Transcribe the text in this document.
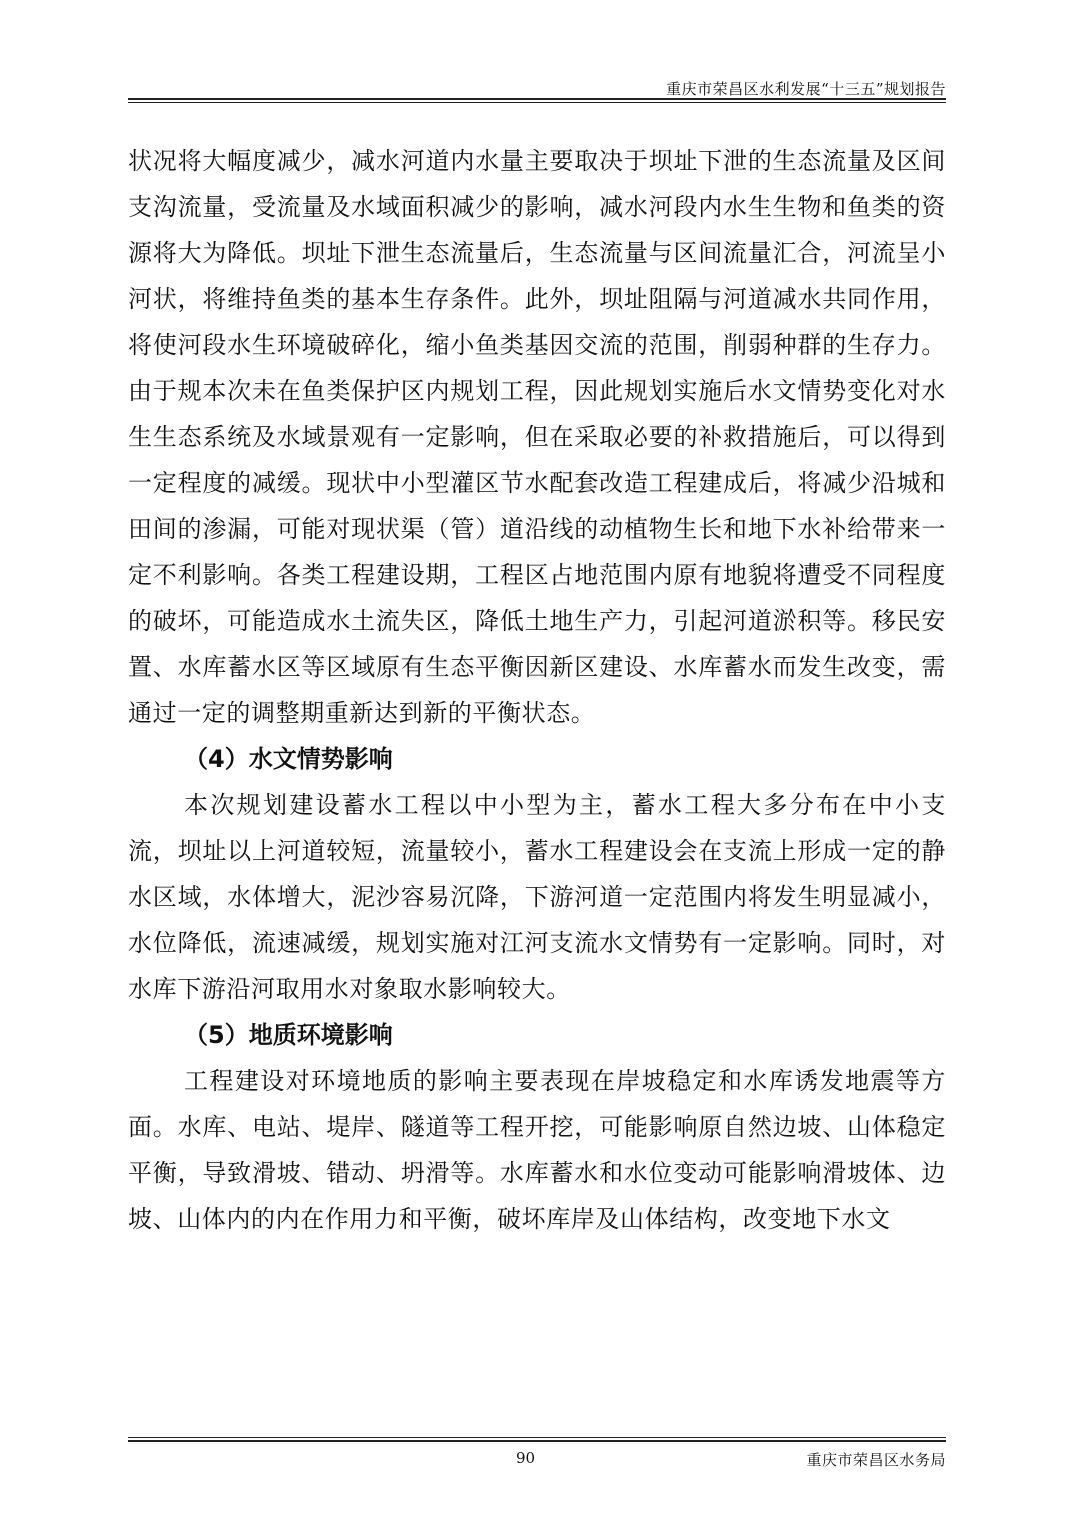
重庆市荣昌区水利发展“十三五”规划报告

状况将大幅度减少，减水河道内水量主要取决于坝址下泄的生态流量及区间支沟流量，受流量及水域面积减少的影响，减水河段内水生生物和鱼类的资源将大为降低。坝址下泄生态流量后，生态流量与区间流量汇合，河流呈小河状，将维持鱼类的基本生存条件。此外，坝址阻隔与河道减水共同作用，将使河段水生环境破碎化，缩小鱼类基因交流的范围，削弱种群的生存力。由于规本次未在鱼类保护区内规划工程，因此规划实施后水文情势变化对水生生态系统及水域景观有一定影响，但在采取必要的补救措施后，可以得到一定程度的减缓。现状中小型灌区节水配套改造工程建成后，将减少沿城和田间的渗漏，可能对现状渠（管）道沿线的动植物生长和地下水补给带来一定不利影响。各类工程建设期，工程区占地范围内原有地貌将遭受不同程度的破坏，可能造成水土流失区，降低土地生产力，引起河道淤积等。移民安置、水库蓄水区等区域原有生态平衡因新区建设、水库蓄水而发生改变，需通过一定的调整期重新达到新的平衡状态。

（4）水文情势影响

本次规划建设蓄水工程以中小型为主，蓄水工程大多分布在中小支流，坝址以上河道较短，流量较小，蓄水工程建设会在支流上形成一定的静水区域，水体增大，泥沙容易沉降，下游河道一定范围内将发生明显减小，水位降低，流速减缓，规划实施对江河支流水文情势有一定影响。同时，对水库下游沿河取用水对象取水影响较大。

（5）地质环境影响

工程建设对环境地质的影响主要表现在岸坡稳定和水库诱发地震等方面。水库、电站、堤岸、隧道等工程开挖，可能影响原自然边坡、山体稳定平衡，导致滑坡、错动、坍滑等。水库蓄水和水位变动可能影响滑坡体、边坡、山体内的内在作用力和平衡，破坏库岸及山体结构，改变地下水文

90	重庆市荣昌区水务局
